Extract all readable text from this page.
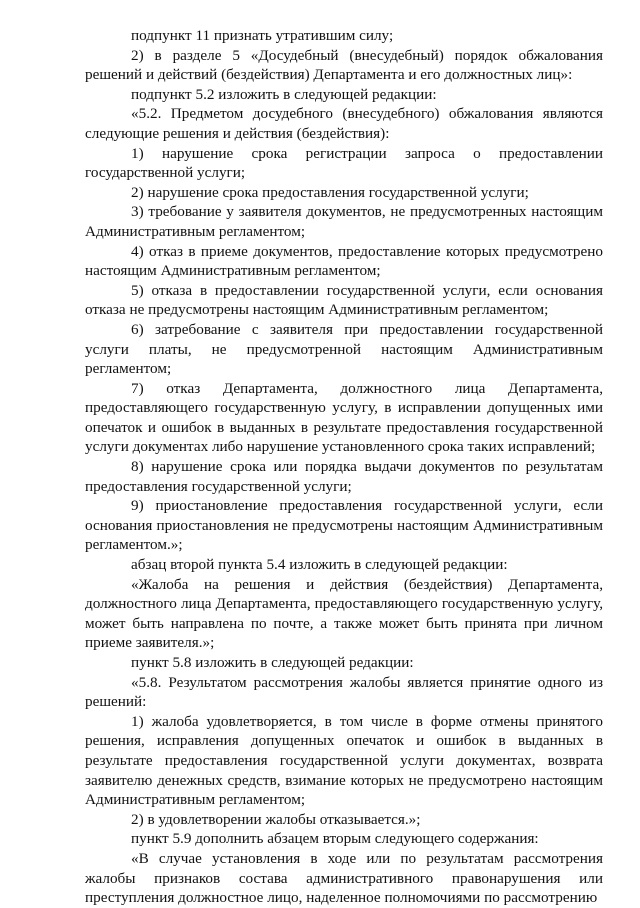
подпункт 11 признать утратившим силу;

2) в разделе 5 «Досудебный (внесудебный) порядок обжалования решений и действий (бездействия) Департамента и его должностных лиц»:

подпункт 5.2 изложить в следующей редакции:

«5.2. Предметом досудебного (внесудебного) обжалования являются следующие решения и действия (бездействия):

1) нарушение срока регистрации запроса о предоставлении государственной услуги;

2) нарушение срока предоставления государственной услуги;

3) требование у заявителя документов, не предусмотренных настоящим Административным регламентом;

4) отказ в приеме документов, предоставление которых предусмотрено настоящим Административным регламентом;

5) отказа в предоставлении государственной услуги, если основания отказа не предусмотрены настоящим Административным регламентом;

6) затребование с заявителя при предоставлении государственной услуги платы, не предусмотренной настоящим Административным регламентом;

7) отказ Департамента, должностного лица Департамента, предоставляющего государственную услугу, в исправлении допущенных ими опечаток и ошибок в выданных в результате предоставления государственной услуги документах либо нарушение установленного срока таких исправлений;

8) нарушение срока или порядка выдачи документов по результатам предоставления государственной услуги;

9) приостановление предоставления государственной услуги, если основания приостановления не предусмотрены настоящим Административным регламентом.»;

абзац второй пункта 5.4 изложить в следующей редакции:

«Жалоба на решения и действия (бездействия) Департамента, должностного лица Департамента, предоставляющего государственную услугу, может быть направлена по почте, а также может быть принята при личном приеме заявителя.»;

пункт 5.8 изложить в следующей редакции:

«5.8. Результатом рассмотрения жалобы является принятие одного из решений:

1) жалоба удовлетворяется, в том числе в форме отмены принятого решения, исправления допущенных опечаток и ошибок в выданных в результате предоставления государственной услуги документах, возврата заявителю денежных средств, взимание которых не предусмотрено настоящим Административным регламентом;

2) в удовлетворении жалобы отказывается.»;

пункт 5.9 дополнить абзацем вторым следующего содержания:

«В случае установления в ходе или по результатам рассмотрения жалобы признаков состава административного правонарушения или преступления должностное лицо, наделенное полномочиями по рассмотрению
